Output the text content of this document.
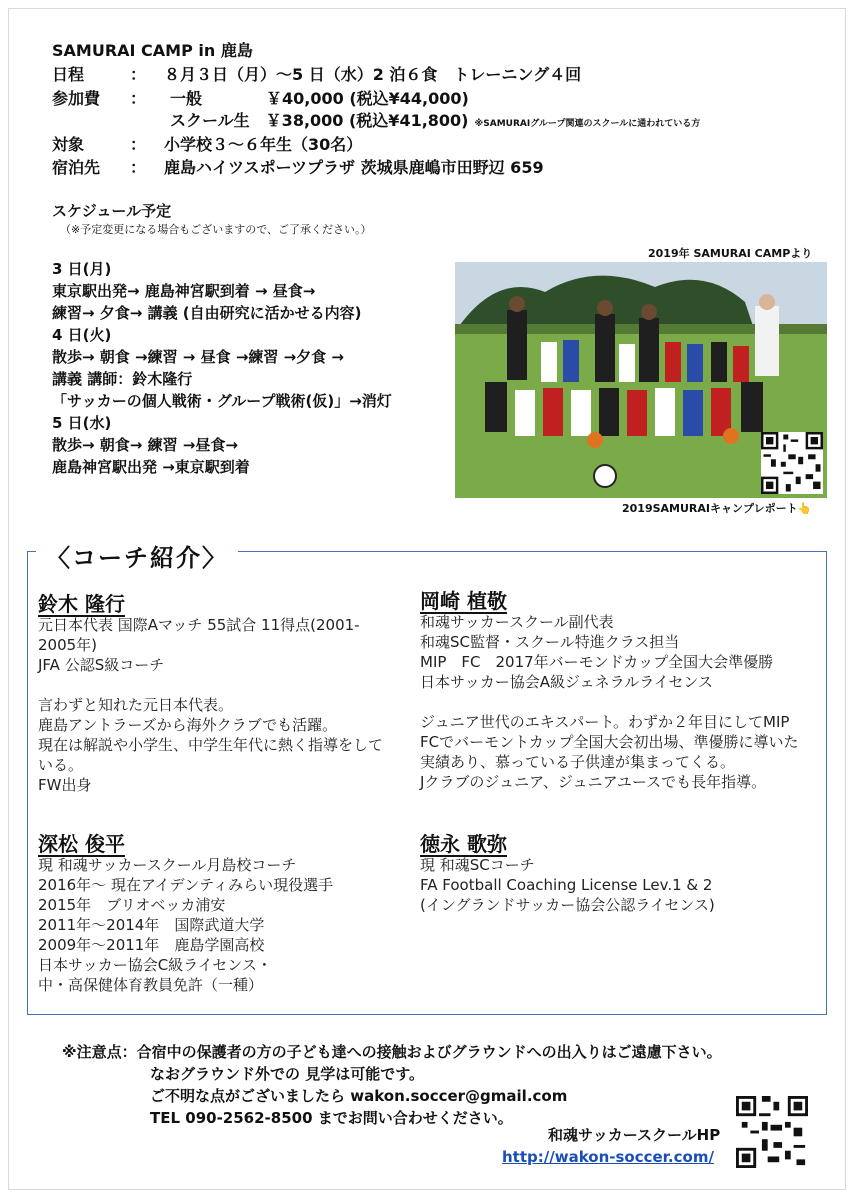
SAMURAI CAMP in 鹿島
日程	： ８月３日（月）～5 日（水）2 泊６食　トレーニング４回
参加費 ： 一般　　　　￥40,000 (税込¥44,000)
スクール生　￥38,000 (税込¥41,800) ※SAMURAIグループ関連のスクールに通われている方
対象	： 小学校３～６年生（30名）
宿泊先 ： 鹿島ハイツスポーツプラザ 茨城県鹿嶋市田野辺 659
スケジュール予定
（※予定変更になる場合もございますので、ご了承ください。）
3 日(月)
東京駅出発→ 鹿島神宮駅到着 → 昼食→
練習→ 夕食→ 講義 (自由研究に活かせる内容)
4 日(火)
散歩→ 朝食 →練習 → 昼食 →練習 →夕食 →
講義 講師：鈴木隆行
「サッカーの個人戦術・グループ戦術(仮)」→消灯
5 日(水)
散歩→ 朝食→ 練習 →昼食→
鹿島神宮駅出発 →東京駅到着
2019年 SAMURAI CAMPより
2019SAMURAIキャンプレポート👆
〈コーチ紹介〉
鈴木 隆行
元日本代表 国際Aマッチ 55試合 11得点(2001-
2005年)
JFA 公認S級コーチ
言わずと知れた元日本代表。
鹿島アントラーズから海外クラブでも活躍。
現在は解説や小学生、中学生年代に熱く指導をして
いる。
FW出身
岡崎 植敬
和魂サッカースクール副代表
和魂SC監督・スクール特進クラス担当
MIP　FC　2017年バーモンドカップ全国大会準優勝
日本サッカー協会A級ジェネラルライセンス
ジュニア世代のエキスパート。わずか２年目にしてMIP
FCでバーモントカップ全国大会初出場、準優勝に導いた
実績あり、慕っている子供達が集まってくる。
Jクラブのジュニア、ジュニアユースでも長年指導。
深松 俊平
現 和魂サッカースクール月島校コーチ
2016年～ 現在アイデンティみらい現役選手
2015年　ブリオベッカ浦安
2011年～2014年　国際武道大学
2009年～2011年　鹿島学園高校
日本サッカー協会C級ライセンス・
中・高保健体育教員免許（一種）
徳永 歌弥
現 和魂SCコーチ
FA Football Coaching License Lev.1 & 2
(イングランドサッカー協会公認ライセンス)
※注意点：合宿中の保護者の方の子ども達への接触およびグラウンドへの出入りはご遠慮下さい。
なおグラウンド外での 見学は可能です。
ご不明な点がございましたら wakon.soccer@gmail.com
TEL 090-2562-8500 までお問い合わせください。
和魂サッカースクールHP
http://wakon-soccer.com/
